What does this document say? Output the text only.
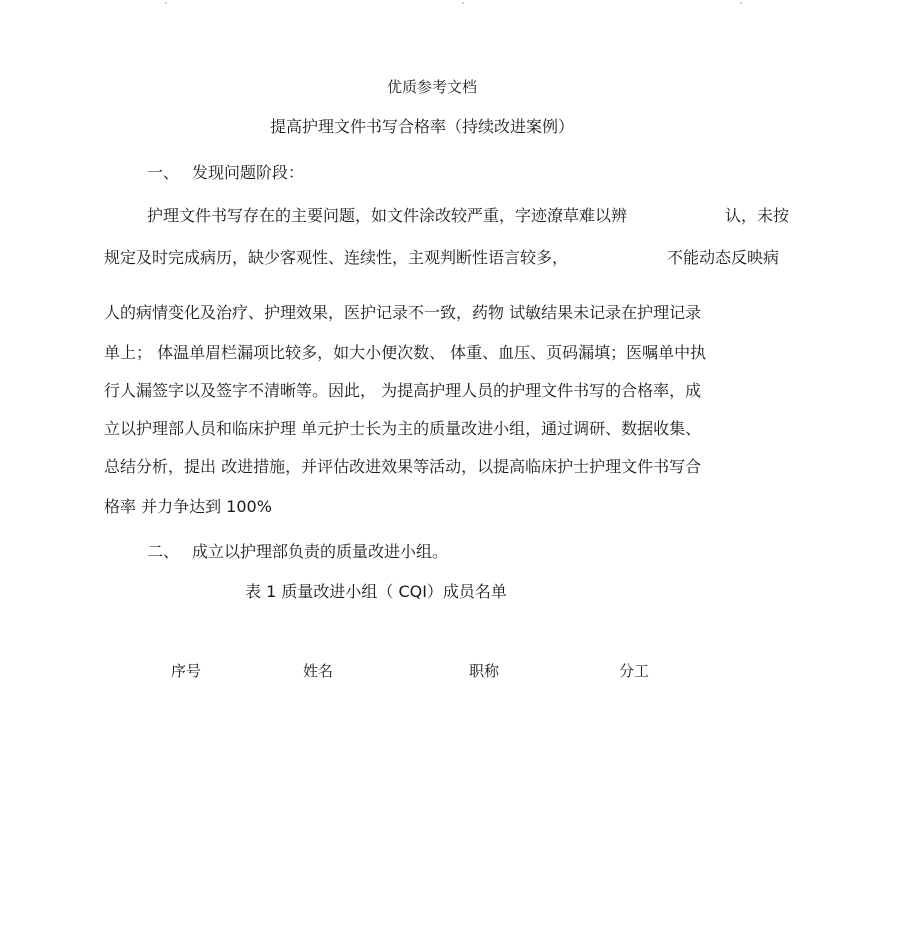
优质参考文档

提高护理文件书写合格率（持续改进案例）

一、 发现问题阶段：

护理文件书写存在的主要问题，如文件涂改较严重，字迹潦草难以辨	认，未按

规定及时完成病历，缺少客观性、连续性，主观判断性语言较多，	不能动态反映病

人的病情变化及治疗、护理效果，医护记录不一致，药物 试敏结果未记录在护理记录

单上； 体温单眉栏漏项比较多，如大小便次数、 体重、血压、页码漏填；医嘱单中执

行人漏签字以及签字不清晰等。因此， 为提高护理人员的护理文件书写的合格率，成

立以护理部人员和临床护理 单元护士长为主的质量改进小组，通过调研、数据收集、

总结分析，提出 改进措施，并评估改进效果等活动，以提高临床护士护理文件书写合

格率 并力争达到 100%

二、 成立以护理部负责的质量改进小组。

表 1 质量改进小组（ CQI）成员名单

序号	姓名	职称	分工
